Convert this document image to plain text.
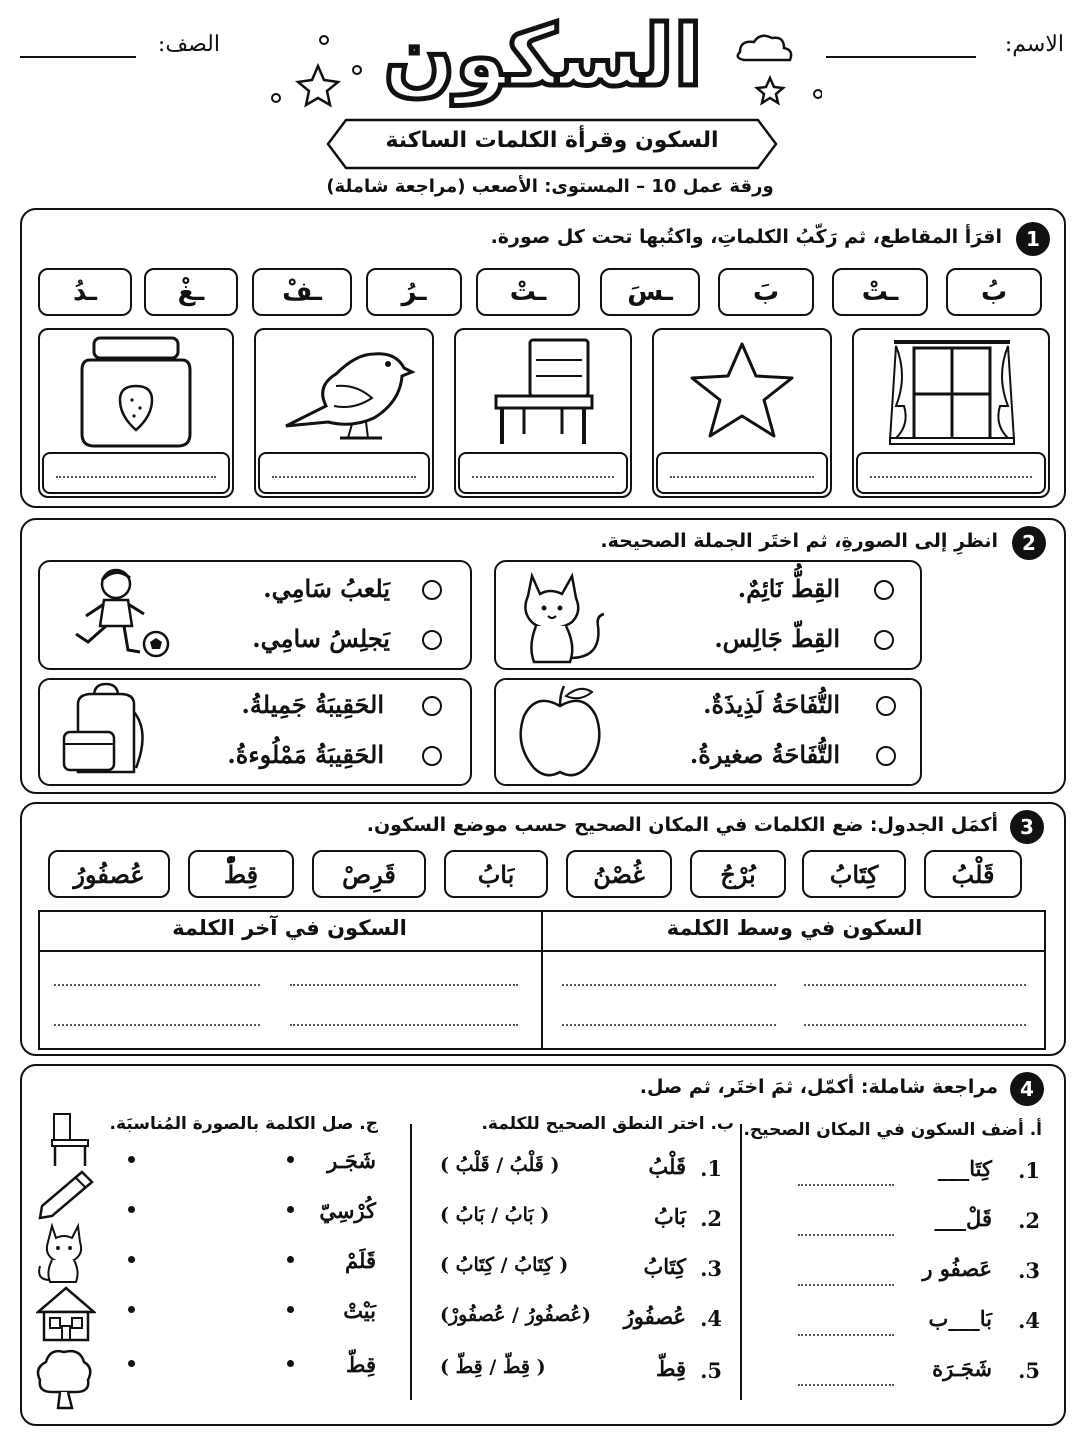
الاسم:
الصف:	السكون
السكون وقرأة الكلمات الساكنة
ورقة عمل 10 – المستوى: الأصعب (مراجعة شاملة)
1
اقرَأ المقاطع، ثم رَكّبُ الكلماتِ، واكتُبها تحت كل صورة.
بُ
ـتْ
بَ
ـسَ
ـتْ
ـرُ
ـفْ
ـغْ
ـدُ
2
انظرِ إلى الصورةِ، ثم اختَر الجملة الصحيحة.
القِطُّ نَائِمٌ.
القِطّ جَالِس.
يَلعبُ سَامِي.
يَجلِسُ سامِي.
التُّفَاحَةُ لَذِيذَةٌ.
التُّفَاحَةُ صغيرةُ.
الحَقِيبَةُ جَمِيلةُ.
الحَقِيبَةُ مَمْلُوءةُ.
3
أكمَل الجدول: ضع الكلمات في المكان الصحيح حسب موضع السكون.
قَلْبُ
كِتَابُ
بُرْجُ
غُصْنُ
بَابُ
قَرِصْ
قِطّْ
عُصفُورُ
السكون في وسط الكلمة
السكون في آخر الكلمة
4
مراجعة شاملة: أكمّل، ثمَ اختَر، ثم صل.
أ. أضف السكون في المكان الصحيح.
1.
كِتَا___
2.
قَلْ___
3.
عَصفُو ر
4.
بَا___ب
5.
شَجَـرَة
ب. اختر النطق الصحيح للكلمة.
1.
قَلْبُ
( قَلْبُ / قَلْبُ )
2.
بَابُ
( بَابُ / بَابُ )
3.
كِتَابُ
( كِتَابُ / كِتَابُ )
4.
عُصفُورُ
(عُصفُورُ / عُصفُورْ)
5.
قِطّ
( قِطّ / قِطّ )
ج. صل الكلمة بالصورة المُناسبَة.
شَجَـر
كُرْسِيّ
قَلَمْ
بَيْتْ
قِطّ
